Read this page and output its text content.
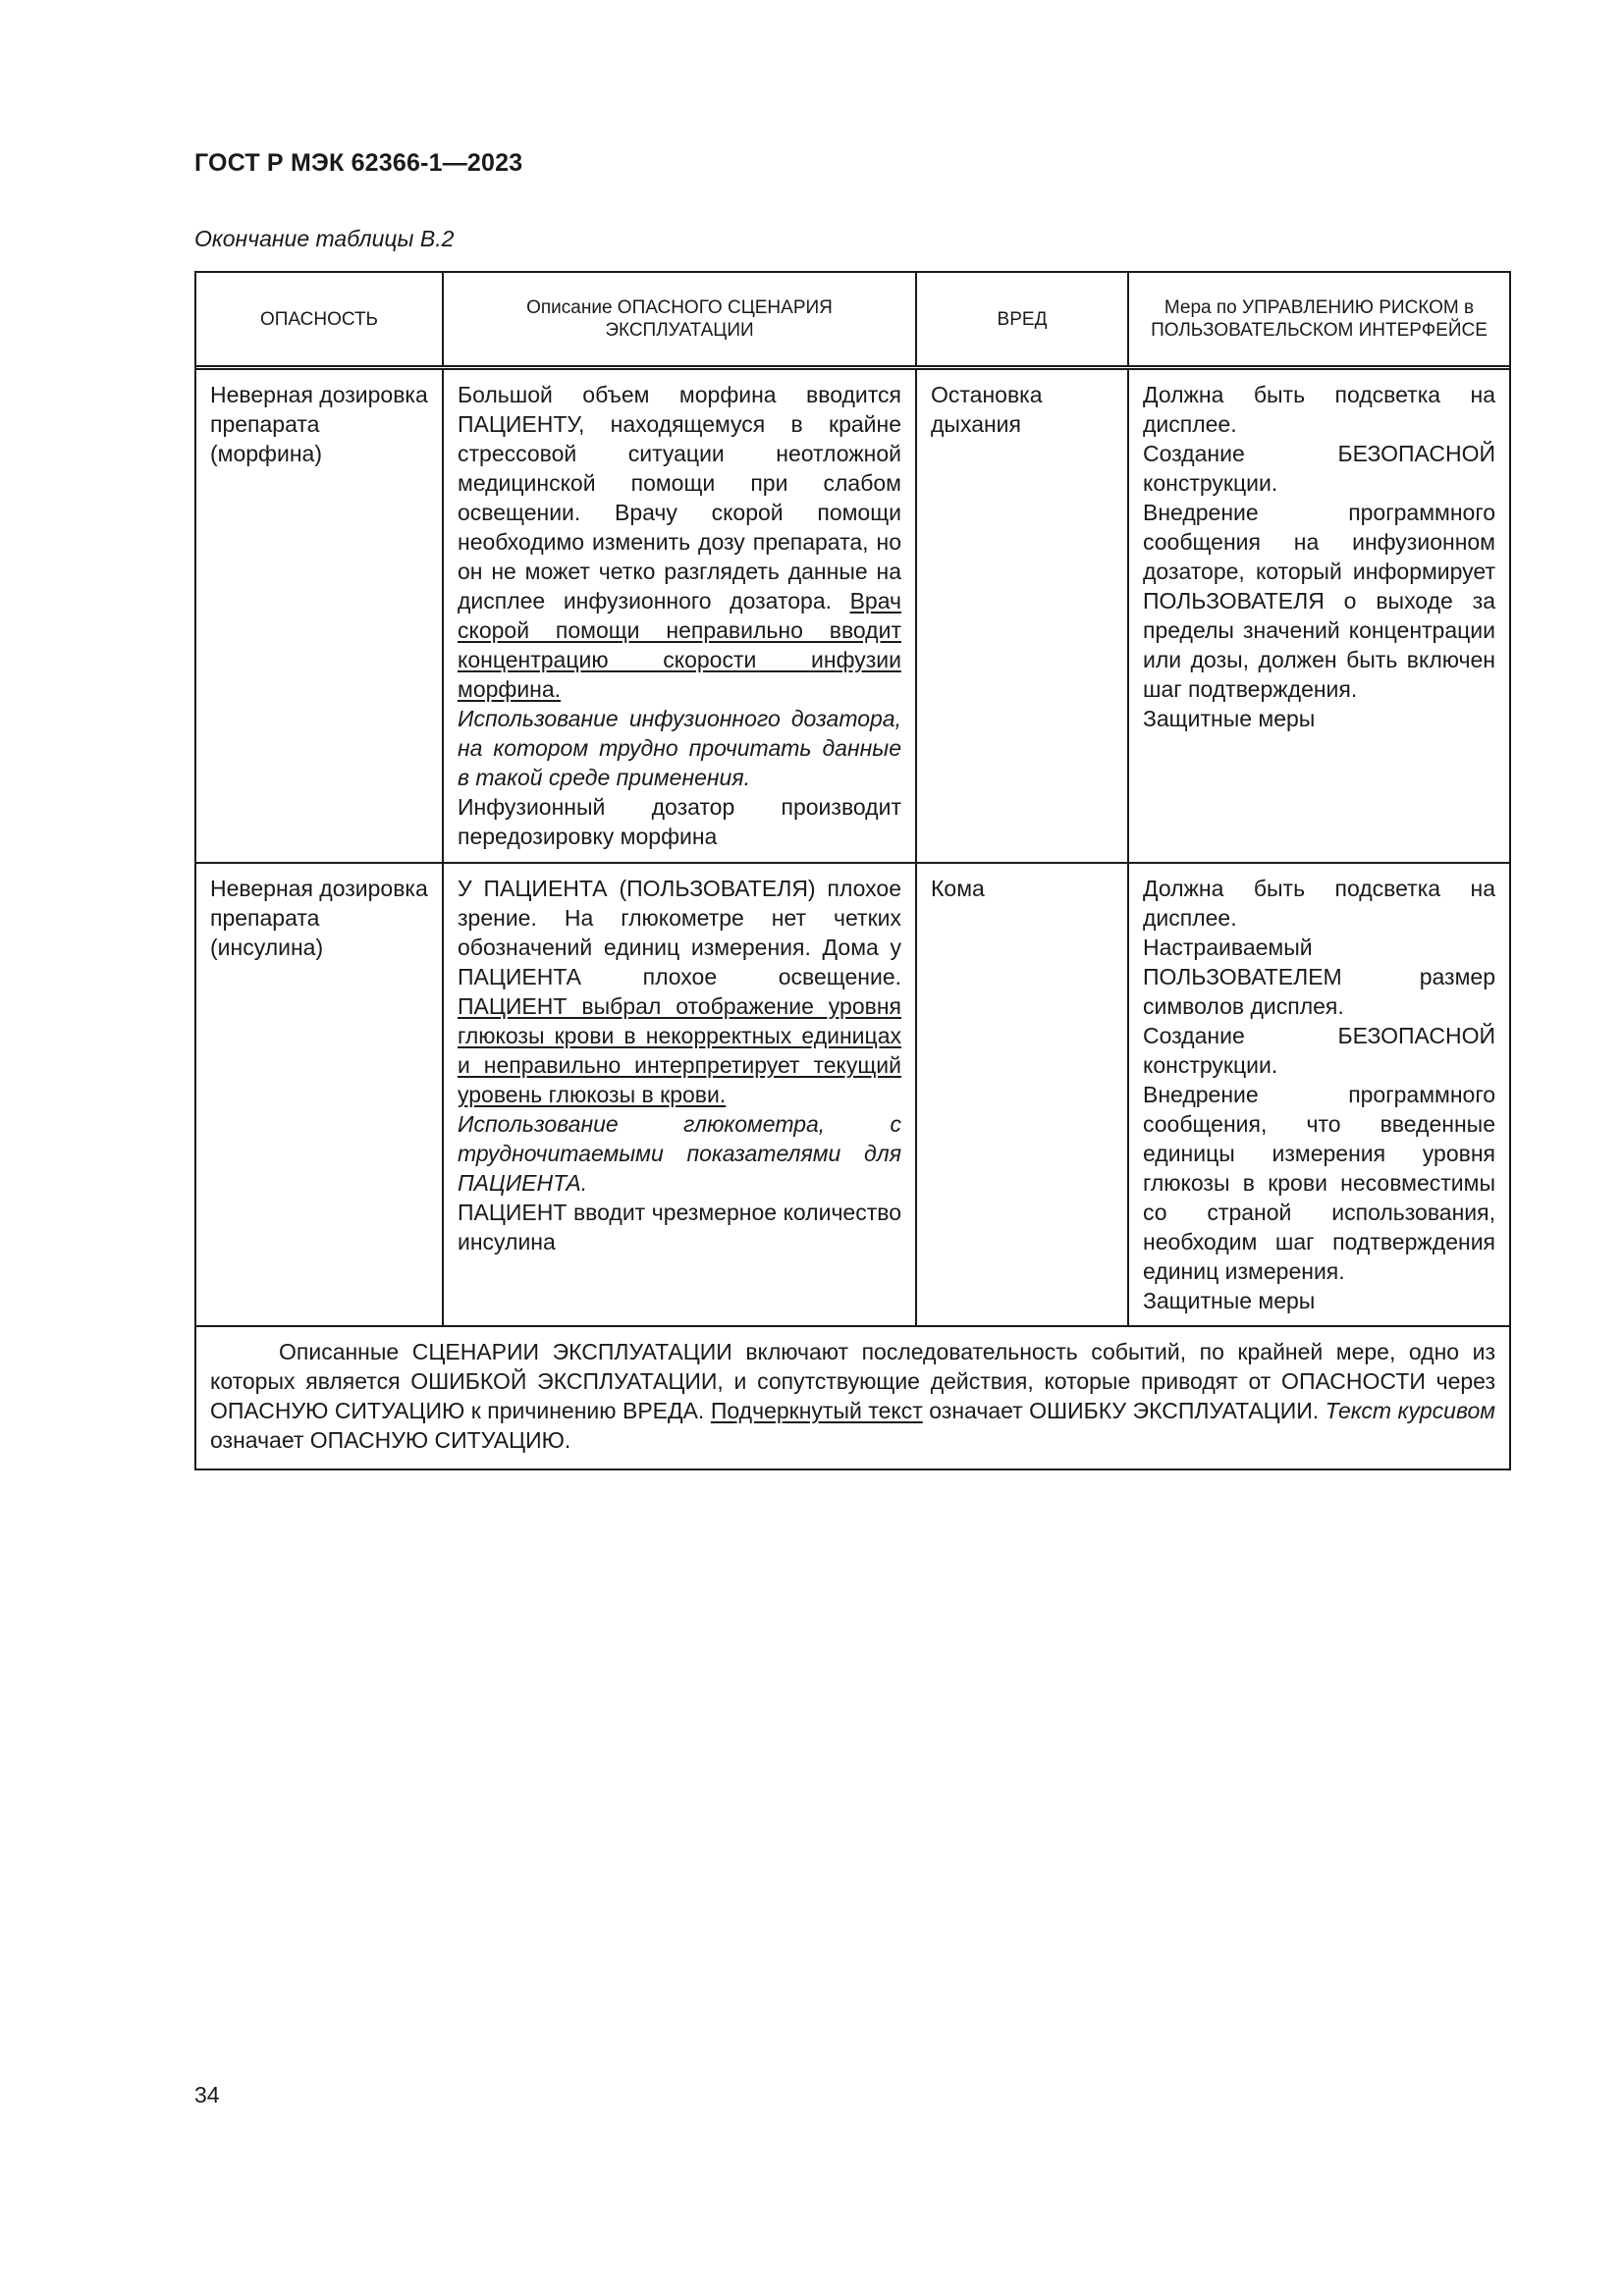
ГОСТ Р МЭК 62366-1—2023
Окончание таблицы В.2
ОПАСНОСТЬ
Описание ОПАСНОГО СЦЕНАРИЯ ЭКСПЛУАТАЦИИ
ВРЕД
Мера по УПРАВЛЕНИЮ РИСКОМ в ПОЛЬЗОВАТЕЛЬСКОМ ИНТЕРФЕЙСЕ
Неверная дозировка препарата (морфина)
Большой объем морфина вводится ПАЦИЕНТУ, находящемуся в крайне стрессовой ситуации неотложной медицинской помощи при слабом освещении. Врачу скорой помощи необходимо изменить дозу препарата, но он не может четко разглядеть данные на дисплее инфузионного дозатора. Врач скорой помощи неправильно вводит концентрацию скорости инфузии морфина.
Использование инфузионного дозатора, на котором трудно прочитать данные в такой среде применения.
Инфузионный дозатор производит передозировку морфина
Остановка дыхания
Должна быть подсветка на дисплее.
Создание БЕЗОПАСНОЙ конструкции.
Внедрение программного сообщения на инфузионном дозаторе, который информирует ПОЛЬЗОВАТЕЛЯ о выходе за пределы значений концентрации или дозы, должен быть включен шаг подтверждения.
Защитные меры
Неверная дозировка препарата (инсулина)
У ПАЦИЕНТА (ПОЛЬЗОВАТЕЛЯ) плохое зрение. На глюкометре нет четких обозначений единиц измерения. Дома у ПАЦИЕНТА плохое освещение. ПАЦИЕНТ выбрал отображение уровня глюкозы крови в некорректных единицах и неправильно интерпретирует текущий уровень глюкозы в крови.
Использование глюкометра, с трудночитаемыми показателями для ПАЦИЕНТА.
ПАЦИЕНТ вводит чрезмерное количество инсулина
Кома	Должна быть подсветка на дисплее.
Настраиваемый ПОЛЬЗОВАТЕЛЕМ размер символов дисплея.
Создание БЕЗОПАСНОЙ конструкции.
Внедрение программного сообщения, что введенные единицы измерения уровня глюкозы в крови несовместимы со страной использования, необходим шаг подтверждения единиц измерения.
Защитные меры
Описанные СЦЕНАРИИ ЭКСПЛУАТАЦИИ включают последовательность событий, по крайней мере, одно из которых является ОШИБКОЙ ЭКСПЛУАТАЦИИ, и сопутствующие действия, которые приводят от ОПАСНОСТИ через ОПАСНУЮ СИТУАЦИЮ к причинению ВРЕДА. Подчеркнутый текст означает ОШИБКУ ЭКСПЛУАТАЦИИ. Текст курсивом означает ОПАСНУЮ СИТУАЦИЮ.
34
